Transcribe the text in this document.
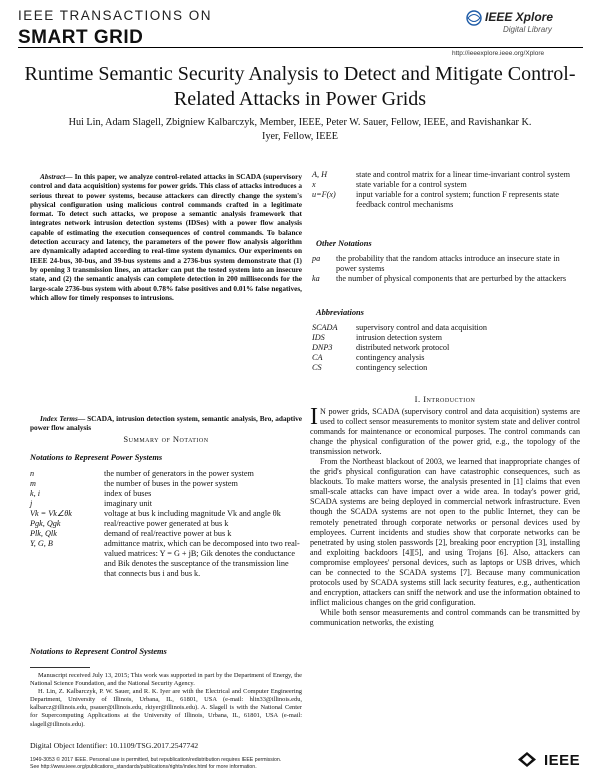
IEEE TRANSACTIONS ON
SMART GRID
IEEE Xplore
Digital Library
http://ieeexplore.ieee.org/Xplore
Runtime Semantic Security Analysis to Detect and Mitigate Control-Related Attacks in Power Grids
Hui Lin, Adam Slagell, Zbigniew Kalbarczyk, Member, IEEE, Peter W. Sauer, Fellow, IEEE, and Ravishankar K. Iyer, Fellow, IEEE
Abstract— In this paper, we analyze control-related attacks in SCADA (supervisory control and data acquisition) systems for power grids. This class of attacks introduces a serious threat to power systems, because attackers can directly change the system's physical configuration using malicious control commands crafted in a legitimate format. To detect such attacks, we propose a semantic analysis framework that integrates network intrusion detection systems (IDSes) with a power flow analysis capable of estimating the execution consequences of control commands. To balance detection accuracy and latency, the parameters of the power flow analysis algorithm are dynamically adapted according to real-time system dynamics. Our experiments on IEEE 24-bus, 30-bus, and 39-bus systems and a 2736-bus system demonstrate that (1) by opening 3 transmission lines, an attacker can put the tested system into an insecure state, and (2) the semantic analysis can complete detection in 200 milliseconds for the large-scale 2736-bus system with about 0.78% false positives and 0.01% false negatives, which allow for timely responses to intrusions.
Index Terms— SCADA, intrusion detection system, semantic analysis, Bro, adaptive power flow analysis
Summary of Notation
Notations to Represent Power Systems
n	the number of generators in the power system
m	the number of buses in the power system
k, i	index of buses
j	imaginary unit
Vk = Vk∠θk	voltage at bus k including magnitude Vk and angle θk
Pgk, Qgk	real/reactive power generated at bus k
Plk, Qlk	demand of real/reactive power at bus k
Y, G, B	admittance matrix, which can be decomposed into two real-valued matrices: Y = G + jB; Gik denotes the conductance and Bik denotes the susceptance of the transmission line that connects bus i and bus k.
Notations to Represent Control Systems
Manuscript received July 13, 2015; This work was supported in part by the Department of Energy, the National Science Foundation, and the National Security Agency.
H. Lin, Z. Kalbarczyk, P. W. Sauer, and R. K. Iyer are with the Electrical and Computer Engineering Department, University of Illinois, Urbana, IL, 61801, USA (e-mail: hlin33@illinois.edu, kalbarcz@illinois.edu, psauer@illinois.edu, rkiyer@illinois.edu). A. Slagell is with the National Center for Supercomputing Applications at the University of Illinois, Urbana, IL, 61801, USA (e-mail: slagell@illinois.edu).
Digital Object Identifier: 10.1109/TSG.2017.2547742
1949-3053 © 2017 IEEE. Personal use is permitted, but republication/redistribution requires IEEE permission.
See http://www.ieee.org/publications_standards/publications/rights/index.html for more information.
A, H	state and control matrix for a linear time-invariant control system
x	state variable for a control system
u=F(x)	input variable for a control system; function F represents state feedback control mechanisms
Other Notations
pa	the probability that the random attacks introduce an insecure state in power systems
ka	the number of physical components that are perturbed by the attackers
Abbreviations
SCADA	supervisory control and data acquisition
IDS	intrusion detection system
DNP3	distributed network protocol
CA	contingency analysis
CS	contingency selection
I. Introduction

I N power grids, SCADA (supervisory control and data acquisition) systems are used to collect sensor measurements to monitor system state and deliver control commands for maintenance or economical purposes. The control commands can change the physical configuration of the power grid, e.g., the topology of the transmission network.

From the Northeast blackout of 2003, we learned that inappropriate changes of the grid's physical configuration can have catastrophic consequences, such as blackouts. To make matters worse, the analysis presented in [1] claims that even small-scale attacks can have impact over a wide area. In today's power grid, SCADA systems are being deployed in commercial network infrastructure. Even though the SCADA systems are not open to the public Internet, they can be remotely penetrated through corporate networks or personal devices used by employees. Current incidents and studies show that corporate networks can be penetrated by using stolen passwords [2], breaking poor encryption [3], installing and exploiting backdoors [4][5], and using Trojans [6]. Also, attackers can compromise employees' personal devices, such as laptops or USB drives, which can be connected to the SCADA systems [7]. Because many communication protocols used by SCADA systems still lack security features, e.g., authentication and encryption, attackers can sniff the network and use the information obtained to inflict malicious changes on the grid configuration.

While both sensor measurements and control commands can be transmitted by communication networks, the existing

IEEE
